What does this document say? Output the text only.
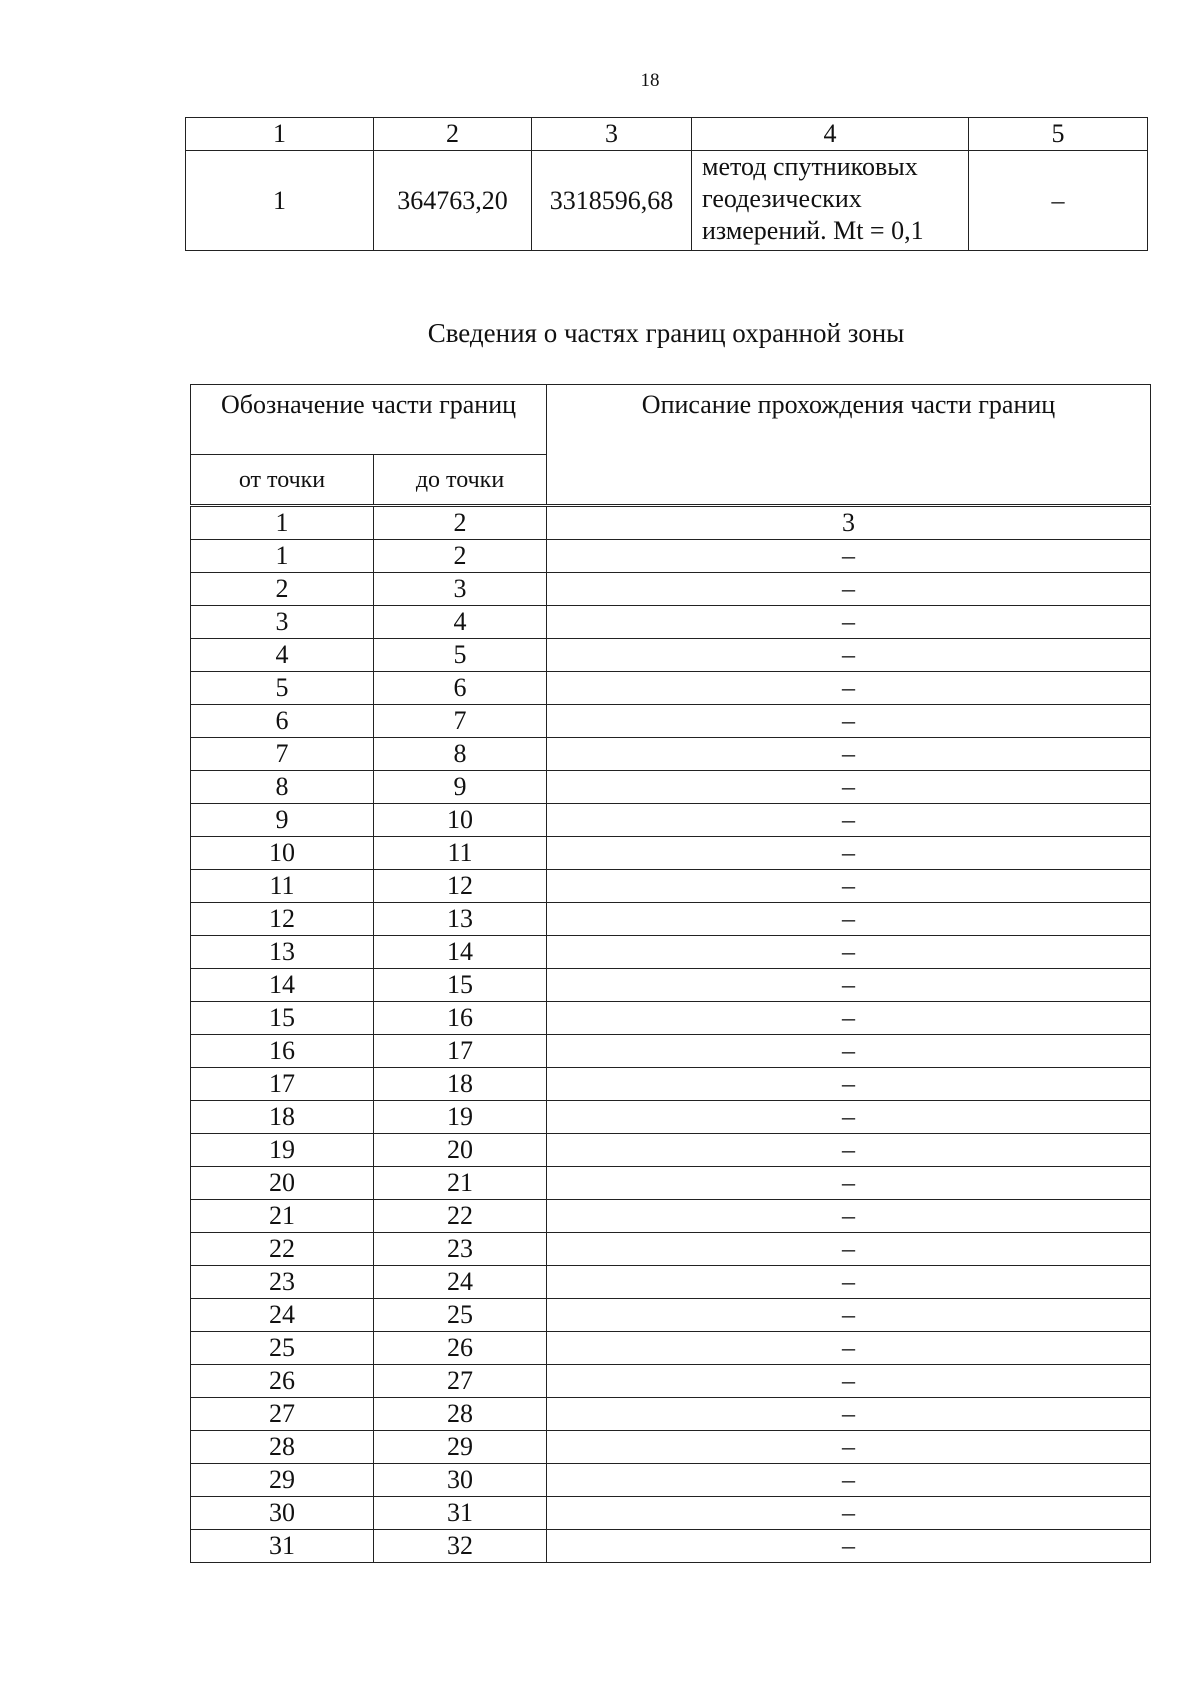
18
1	2	3	4	5
1	364763,20	3318596,68	метод спутниковых
геодезических
измерений. Mt = 0,1	–
Сведения о частях границ охранной зоны
Обозначение части границ		Описание прохождения части границ
от точки	до точки	
1	2	3
1	2	–
2	3	–
3	4	–
4	5	–
5	6	–
6	7	–
7	8	–
8	9	–
9	10	–
10	11	–
11	12	–
12	13	–
13	14	–
14	15	–
15	16	–
16	17	–
17	18	–
18	19	–
19	20	–
20	21	–
21	22	–
22	23	–
23	24	–
24	25	–
25	26	–
26	27	–
27	28	–
28	29	–
29	30	–
30	31	–
31	32	–
